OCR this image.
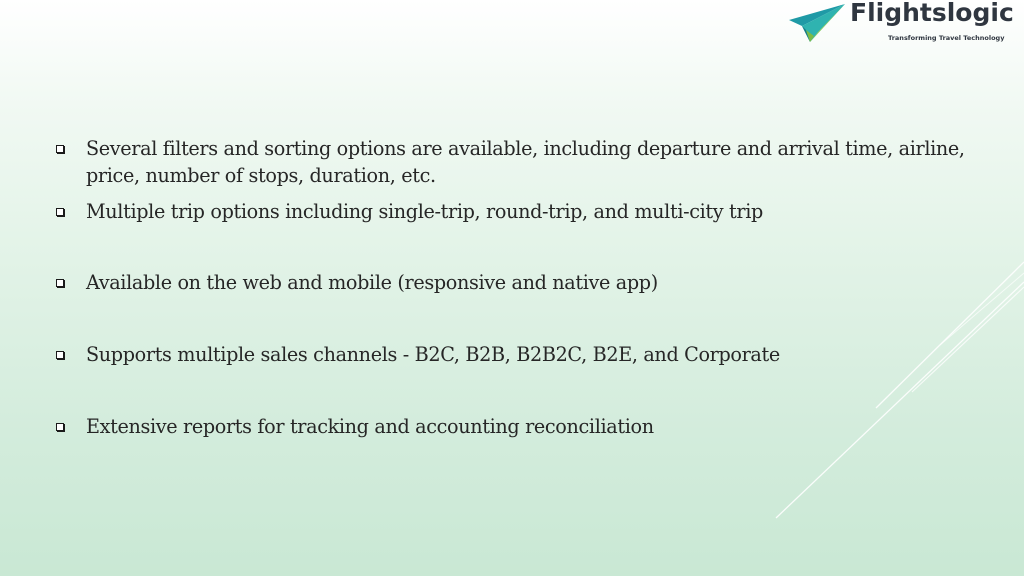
Flightslogic
Transforming Travel Technology
Several filters and sorting options are available, including departure and arrival time, airline, price, number of stops, duration, etc.
Multiple trip options including single-trip, round-trip, and multi-city trip
Available on the web and mobile (responsive and native app)
Supports multiple sales channels - B2C, B2B, B2B2C, B2E, and Corporate
Extensive reports for tracking and accounting reconciliation
